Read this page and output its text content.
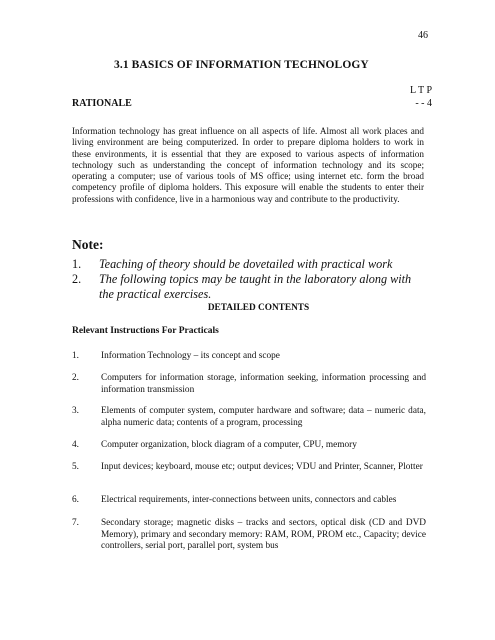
46
3.1 BASICS OF INFORMATION TECHNOLOGY
L T P
- - 4
RATIONALE

Information technology has great influence on all aspects of life. Almost all work places and living environment are being computerized. In order to prepare diploma holders to work in these environments, it is essential that they are exposed to various aspects of information technology such as understanding the concept of information technology and its scope; operating a computer; use of various tools of MS office; using internet etc. form the broad competency profile of diploma holders. This exposure will enable the students to enter their professions with confidence, live in a harmonious way and contribute to the productivity.

Note:
1.	Teaching of theory should be dovetailed with practical work
2.	The following topics may be taught in the laboratory along with the practical exercises.
DETAILED CONTENTS
Relevant Instructions For Practicals
1.	Information Technology – its concept and scope
2.	Computers for information storage, information seeking, information processing and information transmission
3.	Elements of computer system, computer hardware and software; data – numeric data, alpha numeric data; contents of a program, processing
4.	Computer organization, block diagram of a computer, CPU, memory
5.	Input devices; keyboard, mouse etc; output devices; VDU and Printer, Scanner, Plotter
6.	Electrical requirements, inter-connections between units, connectors and cables
7.	Secondary storage; magnetic disks – tracks and sectors, optical disk (CD and DVD Memory), primary and secondary memory: RAM, ROM, PROM etc., Capacity; device controllers, serial port, parallel port, system bus
